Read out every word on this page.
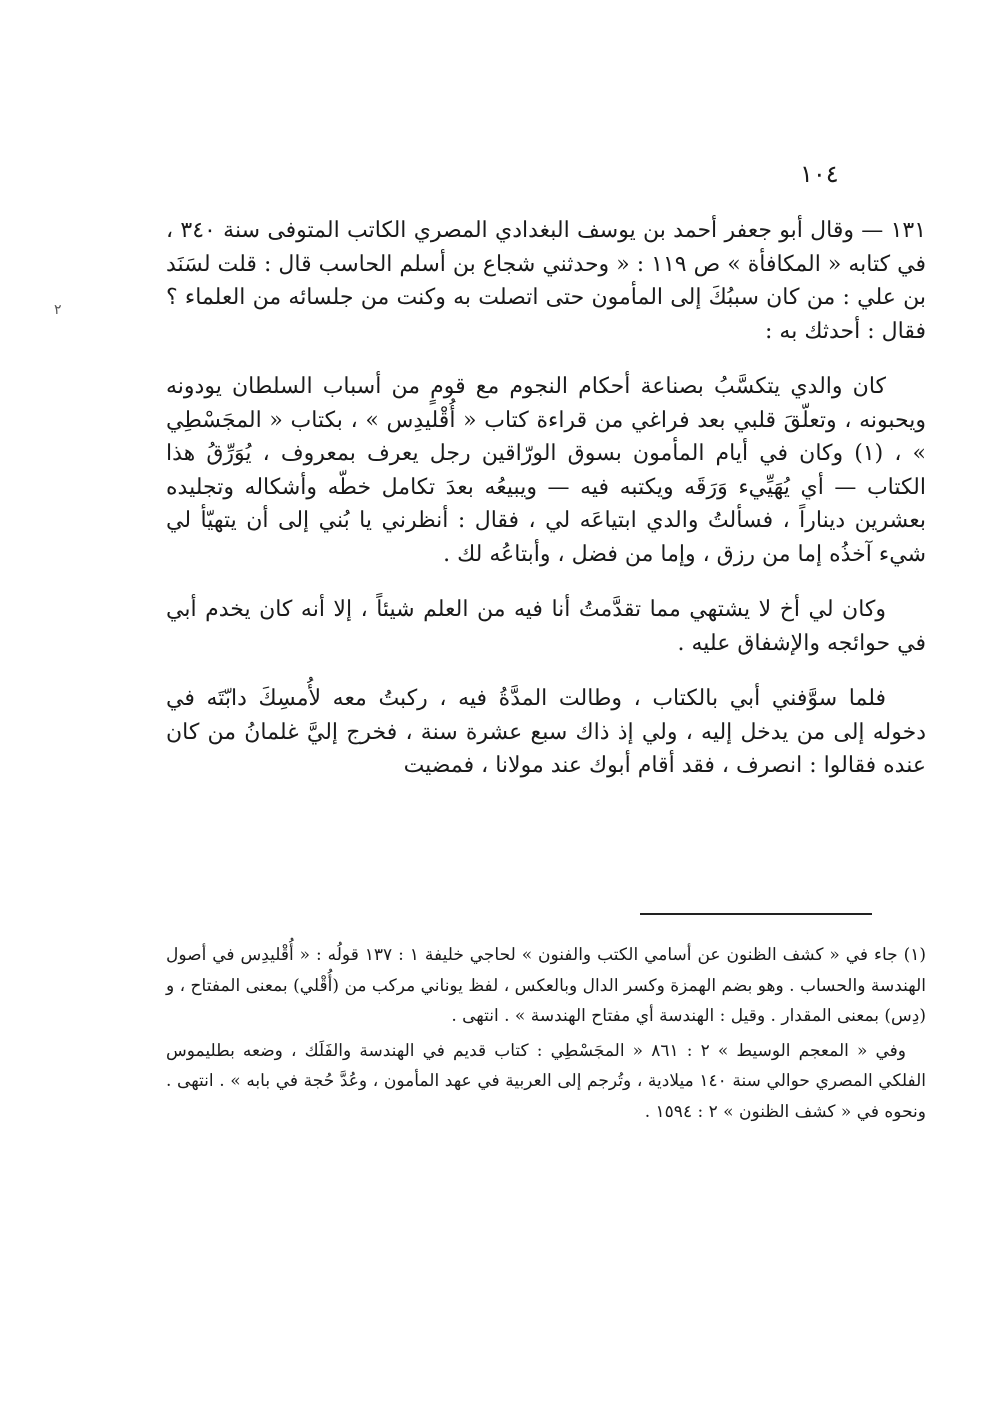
١٠٤
٢

١٣١ — وقال أبو جعفر أحمد بن يوسف البغدادي المصري الكاتب المتوفى سنة ٣٤٠ ، في كتابه « المكافأة » ص ١١٩ : « وحدثني شجاع بن أسلم الحاسب قال : قلت لسَنَد بن علي : من كان سببُكَ إلى المأمون حتى اتصلت به وكنت من جلسائه من العلماء ؟ فقال : أحدثك به :

كان والدي يتكسَّبُ بصناعة أحكام النجوم مع قومٍ من أسباب السلطان يودونه ويحبونه ، وتعلّقَ قلبي بعد فراغي من قراءة كتاب « أُقْليدِس » ، بكتاب « المجَسْطِي » ، (١) وكان في أيام المأمون بسوق الورّاقين رجل يعرف بمعروف ، يُوَرِّقُ هذا الكتاب — أي يُهَيِّيء وَرَقَه ويكتبه فيه — ويبيعُه بعدَ تكامل خطّه وأشكاله وتجليده بعشرين ديناراً ، فسألتُ والدي ابتياعَه لي ، فقال : أنظرني يا بُني إلى أن يتهيّأ لي شيء آخذُه إما من رزق ، وإما من فضل ، وأبتاعُه لك .

وكان لي أخ لا يشتهي مما تقدَّمتُ أنا فيه من العلم شيئاً ، إلا أنه كان يخدم أبي في حوائجه والإشفاق عليه .

فلما سوَّفني أبي بالكتاب ، وطالت المدَّةُ فيه ، ركبتُ معه لأُمسِكَ دابّتَه في دخوله إلى من يدخل إليه ، ولي إذ ذاك سبع عشرة سنة ، فخرج إليَّ غلمانُ من كان عنده فقالوا : انصرف ، فقد أقام أبوك عند مولانا ، فمضيت

(١) جاء في « كشف الظنون عن أسامي الكتب والفنون » لحاجي خليفة ١ : ١٣٧ قولُه : « أُقْليدِس في أصول الهندسة والحساب . وهو بضم الهمزة وكسر الدال وبالعكس ، لفظ يوناني مركب من (أُقْلي) بمعنى المفتاح ، و (دِس) بمعنى المقدار . وقيل : الهندسة أي مفتاح الهندسة » . انتهى .

وفي « المعجم الوسيط » ٢ : ٨٦١ « المجَسْطِي : كتاب قديم في الهندسة والفَلَك ، وضعه بطليموس الفلكي المصري حوالي سنة ١٤٠ ميلادية ، وتُرجم إلى العربية في عهد المأمون ، وعُدَّ حُجة في بابه » . انتهى . ونحوه في « كشف الظنون » ٢ : ١٥٩٤ .
